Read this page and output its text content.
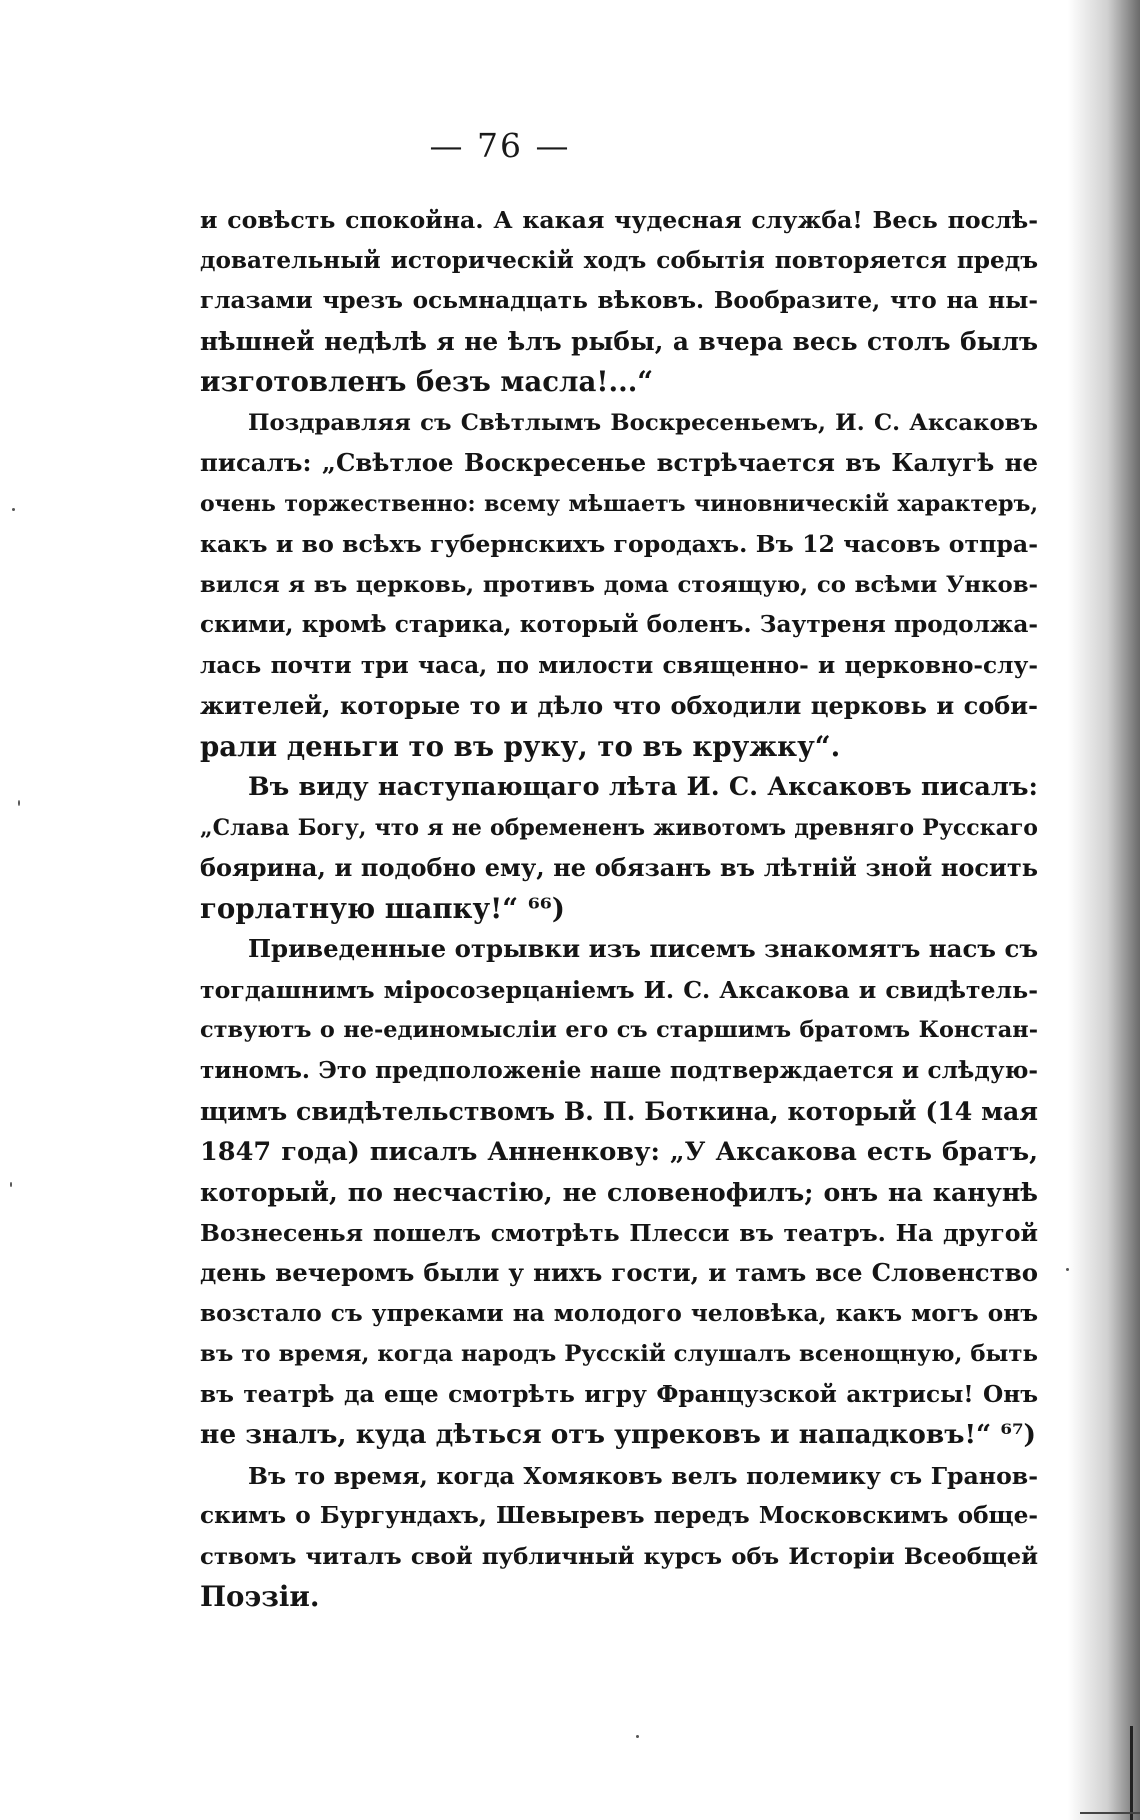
— 76 —
и совѣсть спокойна. А какая чудесная служба! Весь послѣ-
довательный историческій ходъ событія повторяется предъ
глазами чрезъ осьмнадцать вѣковъ. Вообразите, что на ны-
нѣшней недѣлѣ я не ѣлъ рыбы, а вчера весь столъ былъ
изготовленъ безъ масла!...“
Поздравляя съ Свѣтлымъ Воскресеньемъ, И. С. Аксаковъ
писалъ: „Свѣтлое Воскресенье встрѣчается въ Калугѣ не
очень торжественно: всему мѣшаетъ чиновническій характеръ,
какъ и во всѣхъ губернскихъ городахъ. Въ 12 часовъ отпра-
вился я въ церковь, противъ дома стоящую, со всѣми Унков-
скими, кромѣ старика, который боленъ. Заутреня продолжа-
лась почти три часа, по милости священно- и церковно-слу-
жителей, которые то и дѣло что обходили церковь и соби-
рали деньги то въ руку, то въ кружку“.
Въ виду наступающаго лѣта И. С. Аксаковъ писалъ:
„Слава Богу, что я не обремененъ животомъ древняго Русскаго
боярина, и подобно ему, не обязанъ въ лѣтній зной носить
горлатную шапку!“ ⁶⁶)
Приведенные отрывки изъ писемъ знакомятъ насъ съ
тогдашнимъ міросозерцаніемъ И. С. Аксакова и свидѣтель-
ствуютъ о не-единомысліи его съ старшимъ братомъ Констан-
тиномъ. Это предположеніе наше подтверждается и слѣдую-
щимъ свидѣтельствомъ В. П. Боткина, который (14 мая
1847 года) писалъ Анненкову: „У Аксакова есть братъ,
который, по несчастію, не словенофилъ; онъ на канунѣ
Вознесенья пошелъ смотрѣть Плесси въ театръ. На другой
день вечеромъ были у нихъ гости, и тамъ все Словенство
возстало съ упреками на молодого человѣка, какъ могъ онъ
въ то время, когда народъ Русскій слушалъ всенощную, быть
въ театрѣ да еще смотрѣть игру Французской актрисы! Онъ
не зналъ, куда дѣться отъ упрековъ и нападковъ!“ ⁶⁷)
Въ то время, когда Хомяковъ велъ полемику съ Гранов-
скимъ о Бургундахъ, Шевыревъ передъ Московскимъ обще-
ствомъ читалъ свой публичный курсъ объ Исторіи Всеобщей
Поэзіи.
